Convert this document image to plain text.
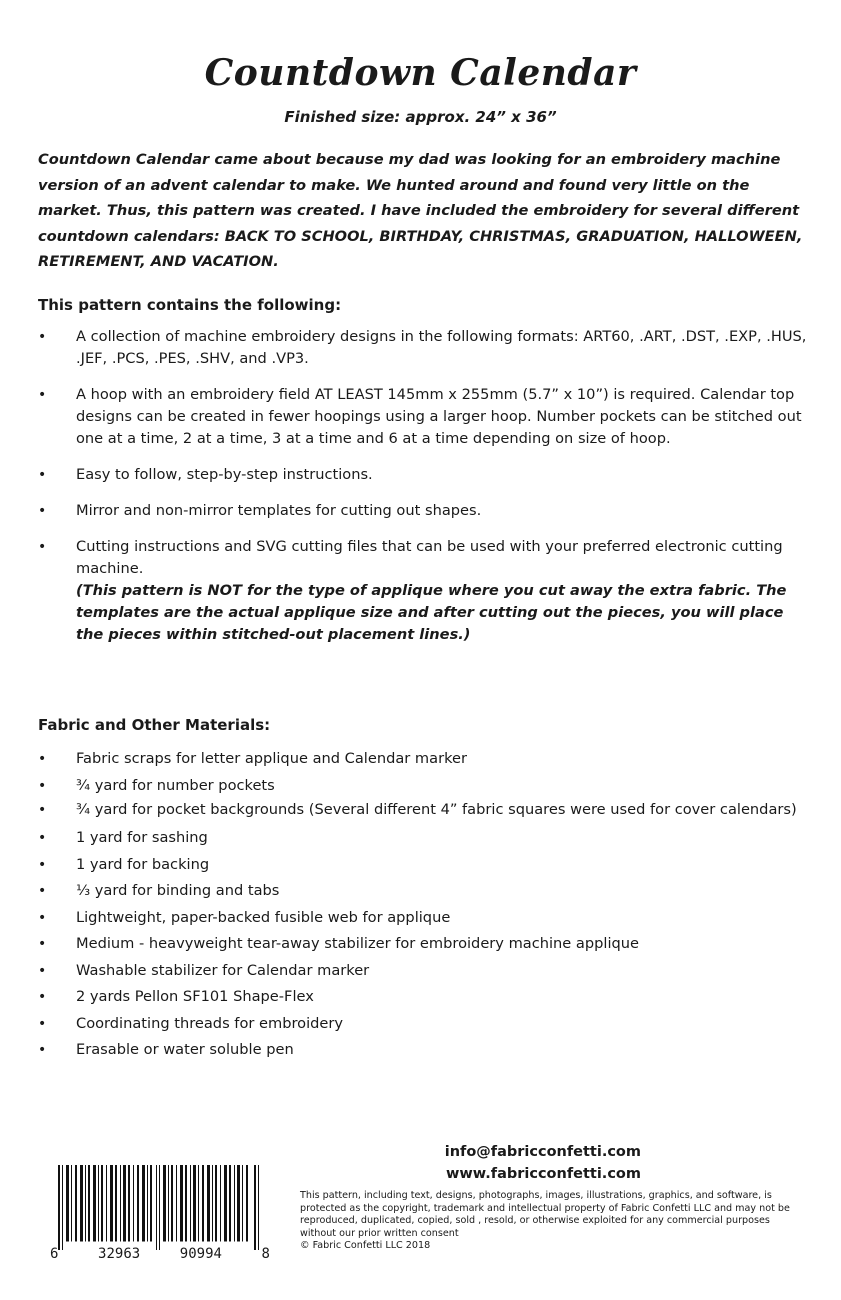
Countdown Calendar
Finished size: approx. 24” x 36”
Countdown Calendar came about because my dad was looking for an embroidery machine version of an advent calendar to make. We hunted around and found very little on the market. Thus, this pattern was created. I have included the embroidery for several different countdown calendars: BACK TO SCHOOL, BIRTHDAY, CHRISTMAS, GRADUATION, HALLOWEEN, RETIREMENT, AND VACATION.
This pattern contains the following:
• A collection of machine embroidery designs in the following formats: ART60, .ART, .DST, .EXP, .HUS, .JEF, .PCS, .PES, .SHV, and .VP3.
• A hoop with an embroidery field AT LEAST 145mm x 255mm (5.7” x 10”) is required. Calendar top designs can be created in fewer hoopings using a larger hoop. Number pockets can be stitched out one at a time, 2 at a time, 3 at a time and 6 at a time depending on size of hoop.
• Easy to follow, step-by-step instructions.
• Mirror and non-mirror templates for cutting out shapes.
• Cutting instructions and SVG cutting files that can be used with your preferred electronic cutting machine.
(This pattern is NOT for the type of applique where you cut away the extra fabric. The templates are the actual applique size and after cutting out the pieces, you will place the pieces within stitched-out placement lines.)
Fabric and Other Materials:
• Fabric scraps for letter applique and Calendar marker
• ¾ yard for number pockets
• ¾ yard for pocket backgrounds (Several different 4” fabric squares were used for cover calendars)
• 1 yard for sashing
• 1 yard for backing
• ⅓ yard for binding and tabs
• Lightweight, paper-backed fusible web for applique
• Medium - heavyweight tear-away stabilizer for embroidery machine applique
• Washable stabilizer for Calendar marker
• 2 yards Pellon SF101 Shape-Flex
• Coordinating threads for embroidery
• Erasable or water soluble pen
info@fabricconfetti.com
www.fabricconfetti.com
6	32963	90994	8
This pattern, including text, designs, photographs, images, illustrations, graphics, and software, is protected as the copyright, trademark and intellectual property of Fabric Confetti LLC and may not be reproduced, duplicated, copied, sold , resold, or otherwise exploited for any commercial purposes without our prior written consent
© Fabric Confetti LLC 2018
